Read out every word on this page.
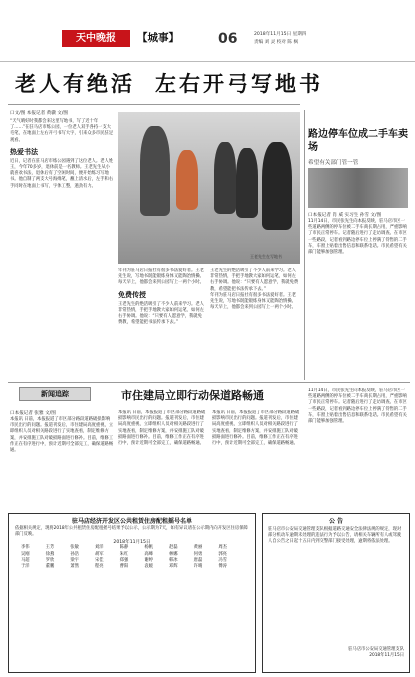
天中晚报	【城事】	06	2018年11月15日 星期四
责编 刘 灵 校对 陈 枫
老人有绝活 左右开弓写地书
口文/图 本报记者 黄骥 文/图
“天气晴好时我都会来这里写地书，写了近十年了……”在驻马店市练公园，一位老人双手各持一支大毛笔，在地面上左右开弓书写大字，引来众多市民驻足观看。
热爱书法
近日，记者在驻马店市练公园遇到了这位老人。老人姓王，今年70多岁，退休前是一名教师。王老先生从小就喜欢书法，退休后有了空闲时间，便开始练习写地书。他自制了两支大号海绵笔，蘸上清水后，左手和右手同时在地面上书写，字体工整，遒劲有力。
王老先生在写地书
年刊为驻马店日报社有很多书法爱好者。王老先生说，写地书既能锻炼身体又能陶冶情操。每天早上，他都会来到公园写上一两个小时。
免费传授
王老先生的绝活吸引了不少人前来学习。老人非常热情，手把手地教大家如何运笔、如何左右手协调。他说：“只要有人愿意学，我就免费教，希望能把书法传承下去。”
王老先生的绝活吸引了不少人前来学习。老人非常热情，手把手地教大家如何运笔、如何左右手协调。他说：“只要有人愿意学，我就免费教，希望能把书法传承下去。”
年刊为驻马店日报社有很多书法爱好者。王老先生说，写地书既能锻炼身体又能陶冶情操。每天早上，他都会来到公园写上一两个小时。
路边停车位成二手车卖场
希望有关部门管一管
口本报记者 肖 威 实习生 孙雪 文/图
11月14日，市民张先生向本报反映，驻马店市区一些道路两侧的停车位被二手车商长期占用，严重影响了市民正常停车。记者随后进行了走访调查。在市区一些路段，记者看到路边停车位上停满了待售的二手车，车窗上贴着出售信息和联系电话。市民希望有关部门能够加强管理。
新闻追踪	市住建局立即行动保道路畅通
口本报记者 张雅 文/图
本报讯 日前，本报报道了市区部分路段道路破损影响市民出行的问题。报道刊发后，市住建局高度重视，立即组织人员对相关路段进行了实地查看，制定维修方案，并安排施工队对破损路面进行修补。目前，维修工作正在有序进行中，预计近期可全部完工，确保道路畅通。
本报讯 日前，本报报道了市区部分路段道路破损影响市民出行的问题。报道刊发后，市住建局高度重视，立即组织人员对相关路段进行了实地查看，制定维修方案，并安排施工队对破损路面进行修补。目前，维修工作正在有序进行中，预计近期可全部完工，确保道路畅通。
本报讯 日前，本报报道了市区部分路段道路破损影响市民出行的问题。报道刊发后，市住建局高度重视，立即组织人员对相关路段进行了实地查看，制定维修方案，并安排施工队对破损路面进行修补。目前，维修工作正在有序进行中，预计近期可全部完工，确保道路畅通。
11月14日，市民张先生向本报反映，驻马店市区一些道路两侧的停车位被二手车商长期占用，严重影响了市民正常停车。记者随后进行了走访调查。在市区一些路段，记者看到路边停车位上停满了待售的二手车，车窗上贴着出售信息和联系电话。市民希望有关部门能够加强管理。
驻马店经济开发区公共租赁住房配租摇号名单
依据相关规定，现将2018年公共租赁住房配租摇号结果予以公示，公示期为7天，如有异议请在公示期内向开发区住房保障部门反映。
2018年11月15日
李伟	王芳	张敏	刘洋	陈静	杨帆	赵磊	黄丽	周杰
吴刚	徐燕	孙浩	胡军	朱红	高峰	林娜	何勇	郭亮
马超	罗欣	梁宇	宋佳	郑强	谢婷	韩冰	唐磊	冯雪
于洋	董鹏	萧然	程亮	曹阳	袁媛	邓辉	许晴	傅涛
公 告
驻马店市公安局交通管理支队根据道路交通安全法律法规的规定，现对部分机动车逾期未处理的违法行为予以公告，请相关车辆所有人或驾驶人自公告之日起十五日内到交警部门接受处理，逾期将依法处理。
驻马店市公安局交通管理支队
2018年11月15日
